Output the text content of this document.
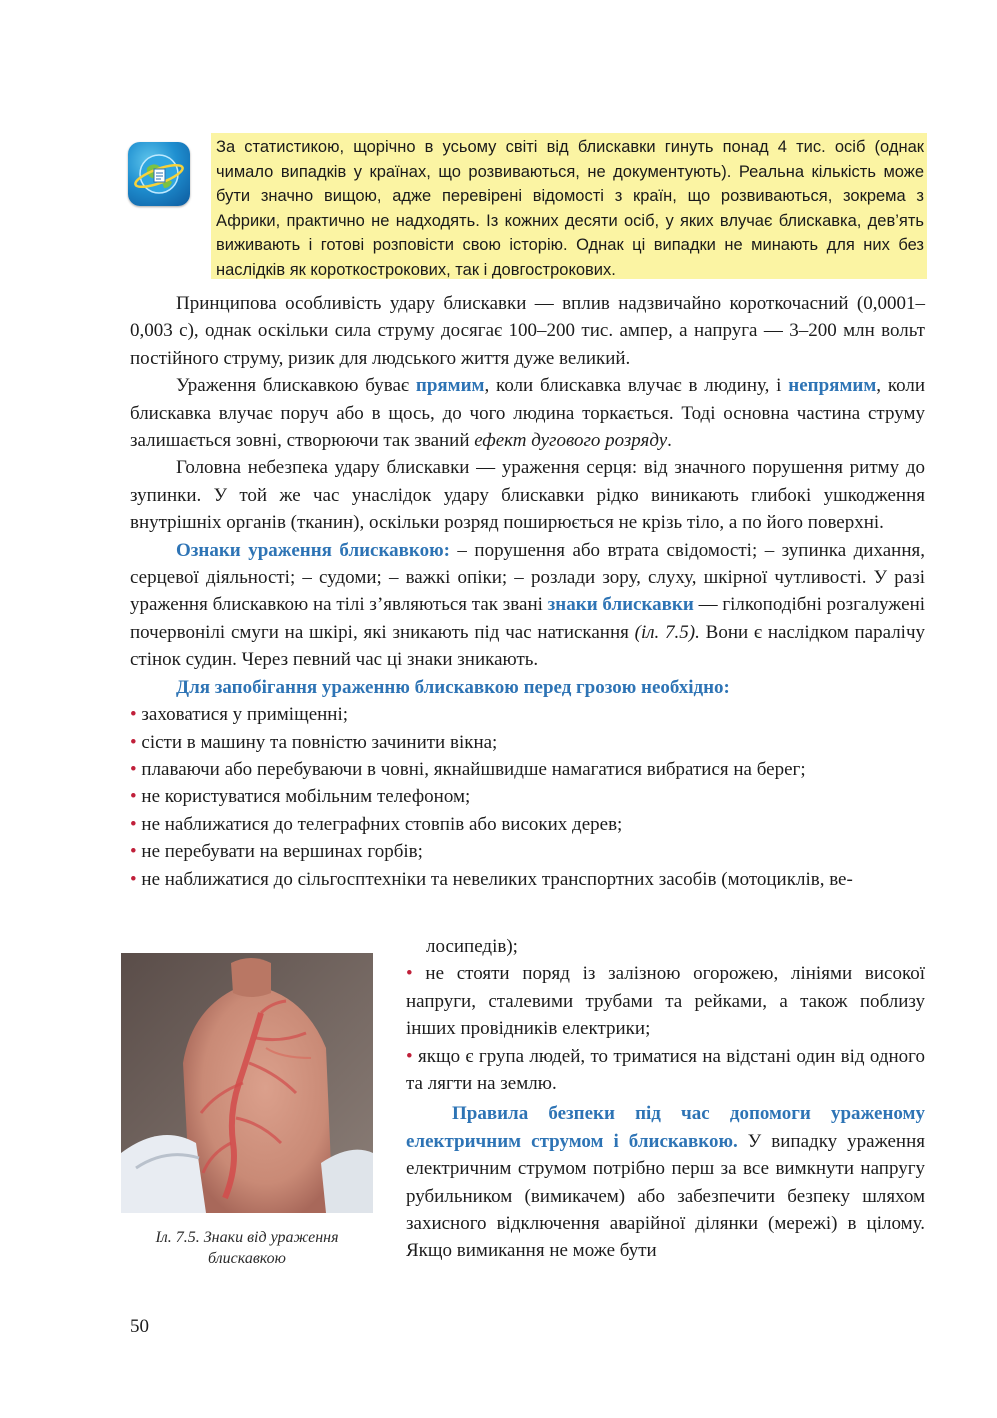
За статистикою, щорічно в усьому світі від блискавки гинуть понад 4 тис. осіб (однак чимало випадків у країнах, що розвиваються, не документують). Реальна кількість може бути значно вищою, адже перевірені відомості з країн, що розвиваються, зокрема з Африки, практично не надходять. Із кожних десяти осіб, у яких влучає блискавка, дев’ять виживають і готові розповісти свою історію. Однак ці випадки не минають для них без наслідків як короткострокових, так і довгострокових.

Принципова особливість удару блискавки — вплив надзвичайно короткочасний (0,0001–0,003 с), однак оскільки сила струму досягає 100–200 тис. ампер, а напруга — 3–200 млн вольт постійного струму, ризик для людського життя дуже великий.

Ураження блискавкою буває прямим, коли блискавка влучає в людину, і непрямим, коли блискавка влучає поруч або в щось, до чого людина торкається. Тоді основна частина струму залишається зовні, створюючи так званий ефект дугового розряду.

Головна небезпека удару блискавки — ураження серця: від значного порушення ритму до зупинки. У той же час унаслідок удару блискавки рідко виникають глибокі ушкодження внутрішніх органів (тканин), оскільки розряд поширюється не крізь тіло, а по його поверхні.

Ознаки ураження блискавкою: – порушення або втрата свідомості; – зупинка дихання, серцевої діяльності; – судоми; – важкі опіки; – розлади зору, слуху, шкірної чутливості. У разі ураження блискавкою на тілі з’являються так звані знаки блискавки — гілкоподібні розгалужені почервонілі смуги на шкірі, які зникають під час натискання (іл. 7.5). Вони є наслідком паралічу стінок судин. Через певний час ці знаки зникають.

Для запобігання ураженню блискавкою перед грозою необхідно:

• заховатися у приміщенні;

• сісти в машину та повністю зачинити вікна;

• плаваючи або перебуваючи в човні, якнайшвидше намагатися вибратися на берег;

• не користуватися мобільним телефоном;

• не наближатися до телеграфних стовпів або високих дерев;

• не перебувати на вершинах горбів;

• не наближатися до сільгосптехніки та невеликих транспортних засобів (мотоциклів, ве-

Іл. 7.5. Знаки від ураження блискавкою

лосипедів);

• не стояти поряд із залізною огорожею, лініями високої напруги, сталевими трубами та рейками, а також поблизу інших провідників електрики;

• якщо є група людей, то триматися на відстані один від одного та лягти на землю.

Правила безпеки під час допомоги ураженому електричним струмом і блискавкою. У випадку ураження електричним струмом потрібно перш за все вимкнути напругу рубильником (вимикачем) або забезпечити безпеку шляхом захисного відключення аварійної ділянки (мережі) в цілому. Якщо вимикання не може бути

50
